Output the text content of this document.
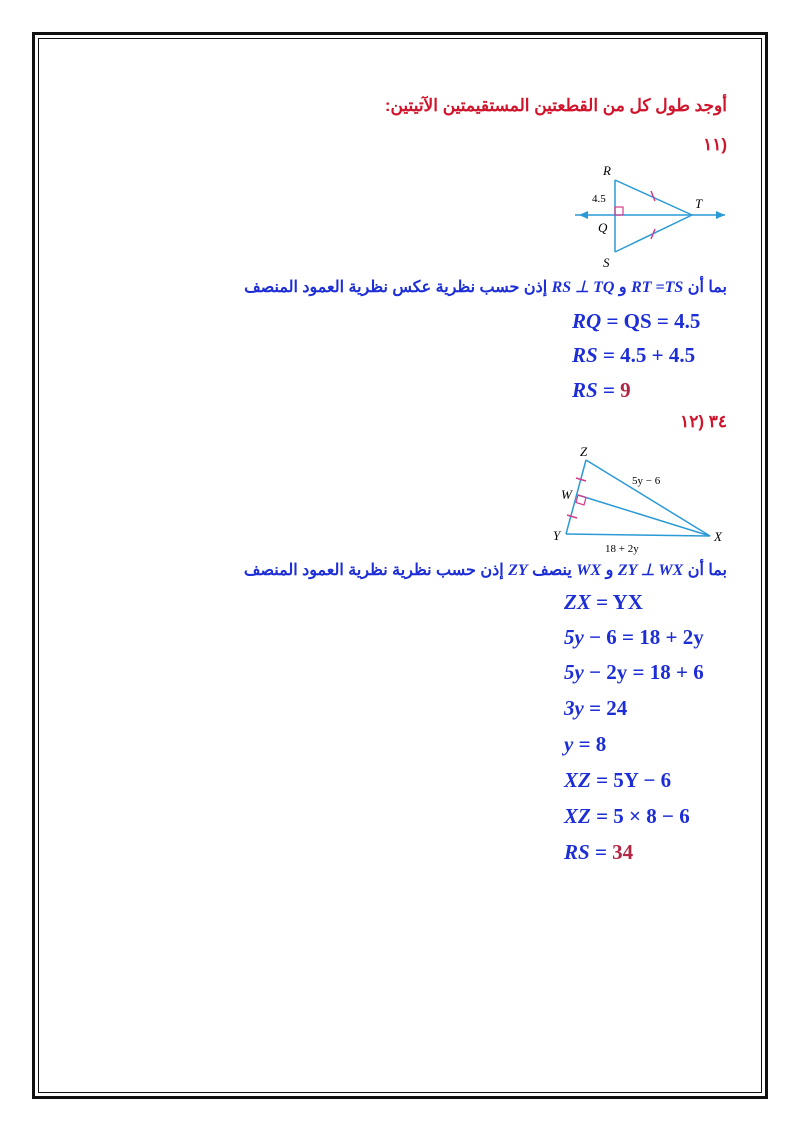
أوجد طول كل من القطعتين المستقيمتين الآتيتين:
(١١
R
Q
S
T
4.5
بما أن RT =TS و RS ⊥ TQ إذن حسب نظرية عكس نظرية العمود المنصف
RQ = QS = 4.5
RS = 4.5 + 4.5
RS = 9
٣٤ (١٢
Z
W
Y	X
5y − 6
18 + 2y
بما أن ZY ⊥ WX و WX ينصف ZY إذن حسب نظرية نظرية العمود المنصف
ZX = YX
5y − 6 = 18 + 2y
5y − 2y = 18 + 6
3y = 24
y = 8
XZ = 5Y − 6
XZ = 5 × 8 − 6
RS = 34
